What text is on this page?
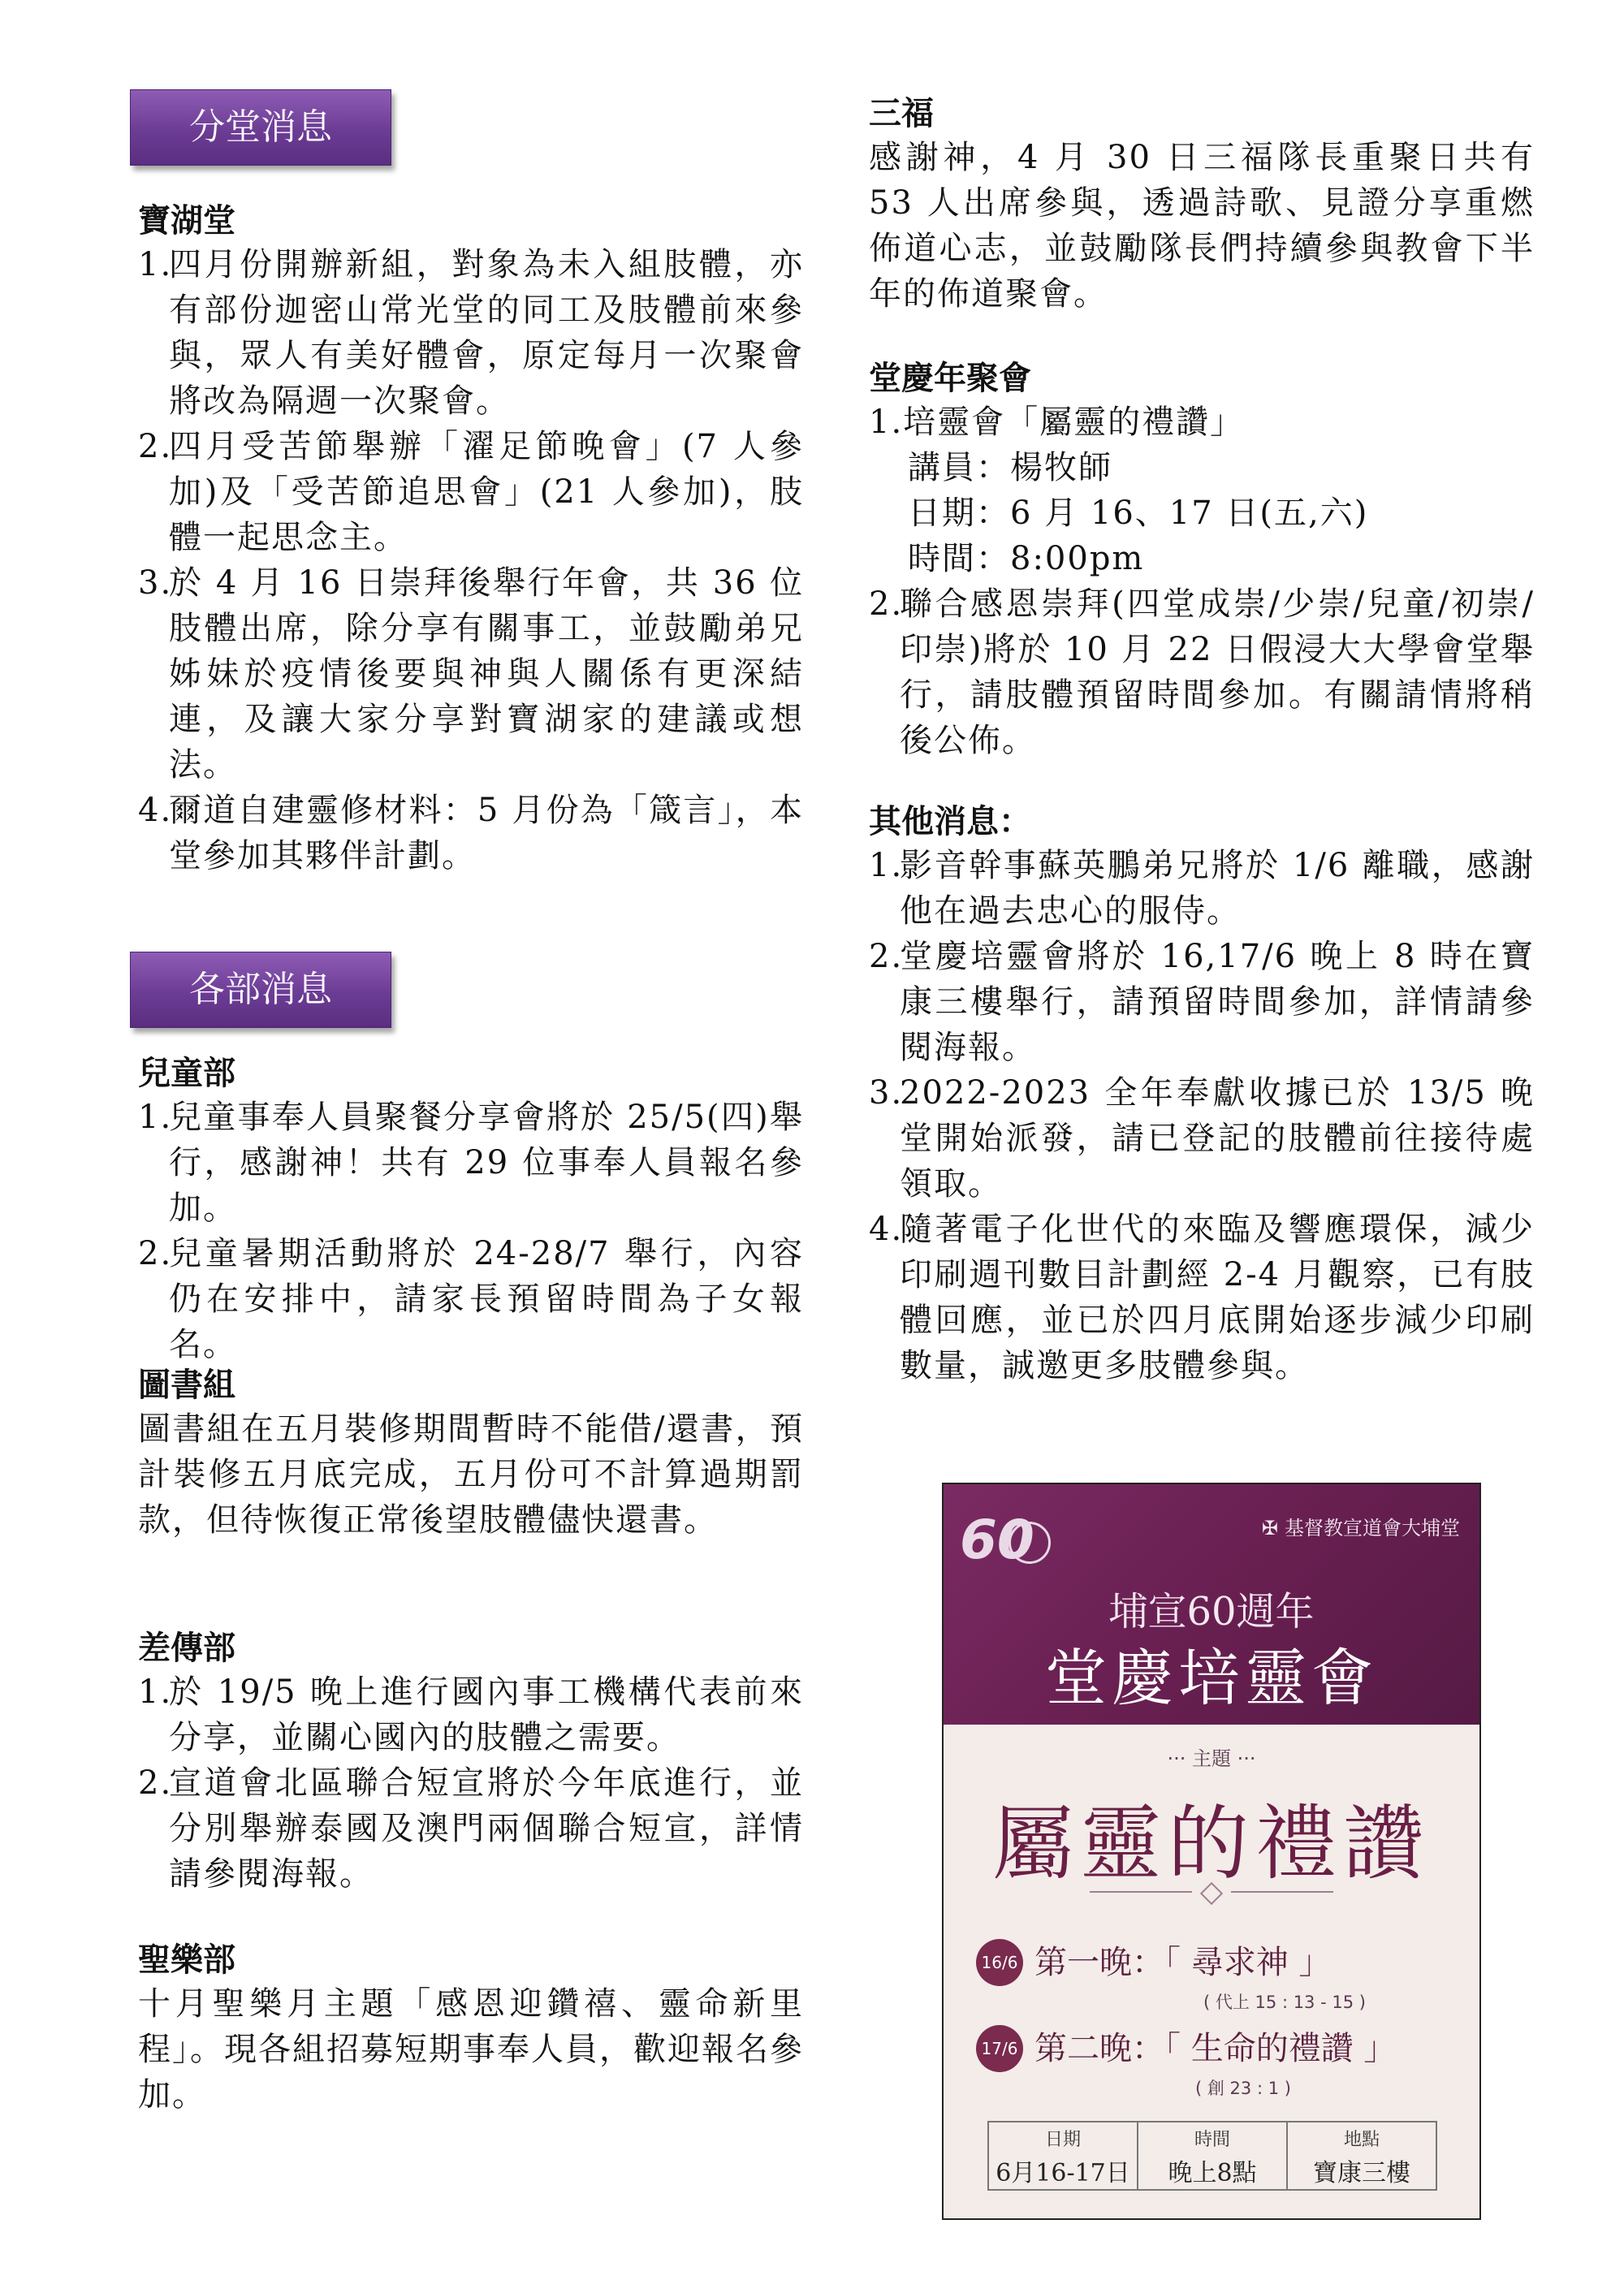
分堂消息

寶湖堂

1.
四月份開辦新組，對象為未入組肢體，亦有部份迦密山常光堂的同工及肢體前來參與，眾人有美好體會，原定每月一次聚會將改為隔週一次聚會。
2.
四月受苦節舉辦「濯足節晚會」(7 人參加)及「受苦節追思會」(21 人參加)，肢體一起思念主。
3.
於 4 月 16 日崇拜後舉行年會，共 36 位肢體出席，除分享有關事工，並鼓勵弟兄姊妹於疫情後要與神與人關係有更深結連，及讓大家分享對寶湖家的建議或想法。
4.
爾道自建靈修材料：5 月份為「箴言」，本堂參加其夥伴計劃。
各部消息

兒童部

1.
兒童事奉人員聚餐分享會將於 25/5(四)舉行，感謝神！共有 29 位事奉人員報名參加。
2.
兒童暑期活動將於 24-28/7 舉行，內容仍在安排中，請家長預留時間為子女報名。

圖書組

圖書組在五月裝修期間暫時不能借/還書，預計裝修五月底完成，五月份可不計算過期罰款，但待恢復正常後望肢體儘快還書。

差傳部

1.
於 19/5 晚上進行國內事工機構代表前來分享，並關心國內的肢體之需要。
2.
宣道會北區聯合短宣將於今年底進行，並分別舉辦泰國及澳門兩個聯合短宣，詳情請參閱海報。

聖樂部

十月聖樂月主題「感恩迎鑽禧、靈命新里程」。現各組招募短期事奉人員，歡迎報名參加。

三福

感謝神，4 月 30 日三福隊長重聚日共有 53 人出席參與，透過詩歌、見證分享重燃佈道心志，並鼓勵隊長們持續參與教會下半年的佈道聚會。

堂慶年聚會

1.培靈會「屬靈的禮讚」

講員：楊牧師
日期：6 月 16、17 日(五,六)
時間：8:00pm
2.
聯合感恩崇拜(四堂成崇/少崇/兒童/初崇/印崇)將於 10 月 22 日假浸大大學會堂舉行，請肢體預留時間參加。有關請情將稍後公佈。

其他消息：

1.
影音幹事蘇英鵬弟兄將於 1/6 離職，感謝他在過去忠心的服侍。
2.
堂慶培靈會將於 16,17/6 晚上 8 時在寶康三樓舉行，請預留時間參加，詳情請參閱海報。
3.
2022-2023 全年奉獻收據已於 13/5 晚堂開始派發，請已登記的肢體前往接待處領取。
4.
隨著電子化世代的來臨及響應環保，減少印刷週刊數目計劃經 2-4 月觀察，已有肢體回應，並已於四月底開始逐步減少印刷數量，誠邀更多肢體參與。
60	✠ 基督教宣道會大埔堂
埔宣60週年
堂慶培靈會
··· 主題 ···
屬靈的禮讚
16/6 第一晚：「 尋求神 」
( 代上 15 : 13 - 15 )
17/6 第二晚：「 生命的禮讚 」
( 創 23 : 1 )
日期
6月16-17日
時間
晚上8點
地點
寶康三樓
